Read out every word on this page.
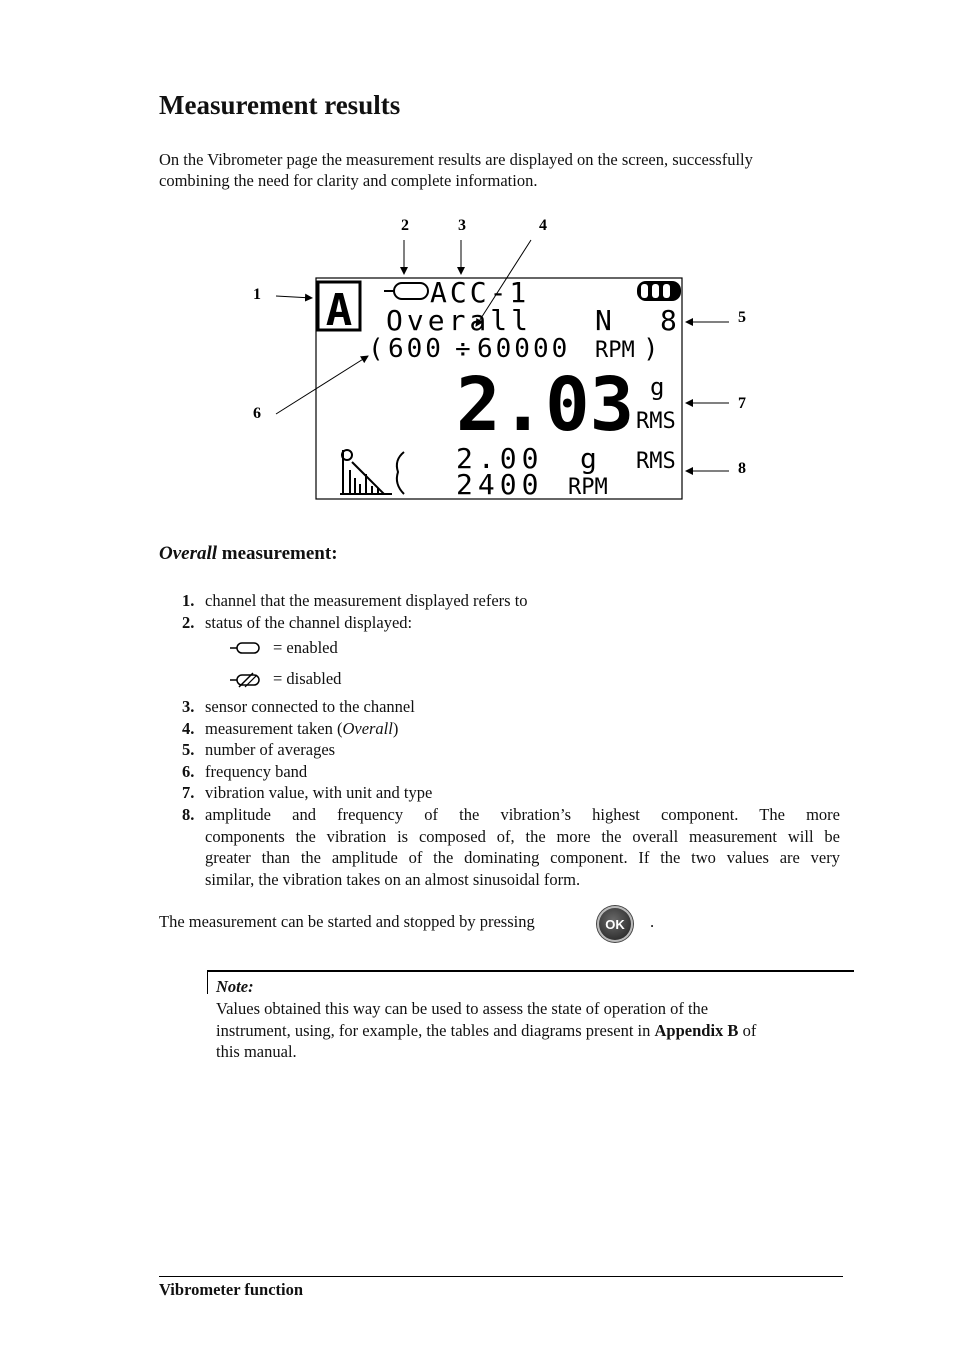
Measurement results
On the Vibrometer page the measurement results are displayed on the screen, successfully
combining the need for clarity and complete information.
A	ACC-1
Overall N 8
( 600 ÷ 60000 RPM )
2.03 g
RMS
2.00 g RMS
2400 RPM
1
2	3	4
5
6
7
8
Overall measurement:
1. channel that the measurement displayed refers to
2. status of the channel displayed:
= enabled
= disabled
3. sensor connected to the channel
4. measurement taken (Overall)
5. number of averages
6. frequency band
7. vibration value, with unit and type
8. amplitude and frequency of the vibration’s highest component. The more
components the vibration is composed of, the more the overall measurement will be
greater than the amplitude of the dominating component. If the two values are very
similar, the vibration takes on an almost sinusoidal form.
The measurement can be started and stopped by pressing	OK	.
Note:
Values obtained this way can be used to assess the state of operation of the
instrument, using, for example, the tables and diagrams present in Appendix B of
this manual.
Vibrometer function
